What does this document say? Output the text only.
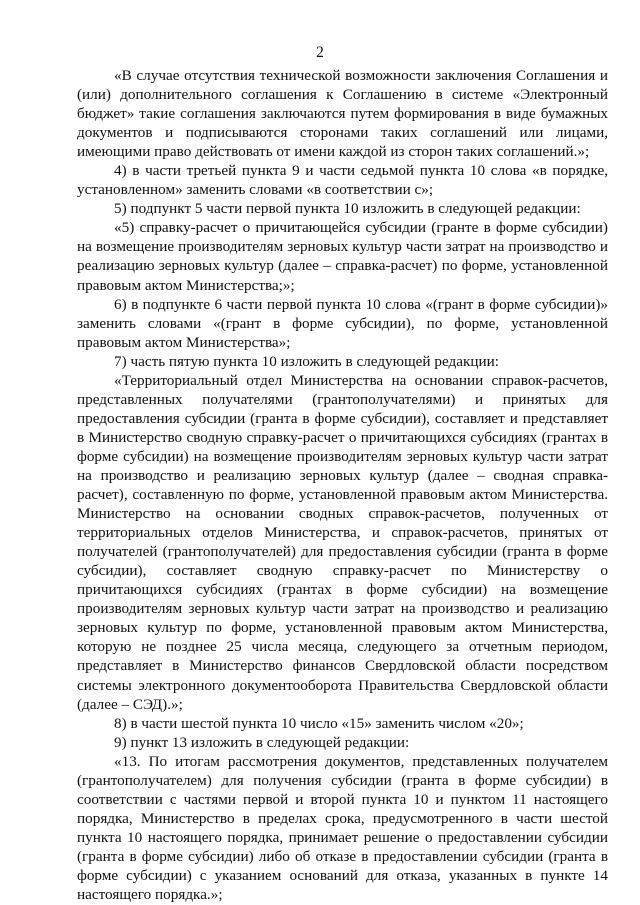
2

«В случае отсутствия технической возможности заключения Соглашения и (или) дополнительного соглашения к Соглашению в системе «Электронный бюджет» такие соглашения заключаются путем формирования в виде бумажных документов и подписываются сторонами таких соглашений или лицами, имеющими право действовать от имени каждой из сторон таких соглашений.»;

4) в части третьей пункта 9 и части седьмой пункта 10 слова «в порядке, установленном» заменить словами «в соответствии с»;

5) подпункт 5 части первой пункта 10 изложить в следующей редакции:

«5) справку-расчет о причитающейся субсидии (гранте в форме субсидии) на возмещение производителям зерновых культур части затрат на производство и реализацию зерновых культур (далее – справка-расчет) по форме, установленной правовым актом Министерства;»;

6) в подпункте 6 части первой пункта 10 слова «(грант в форме субсидии)» заменить словами «(грант в форме субсидии), по форме, установленной правовым актом Министерства»;

7) часть пятую пункта 10 изложить в следующей редакции:

«Территориальный отдел Министерства на основании справок-расчетов, представленных получателями (грантополучателями) и принятых для предоставления субсидии (гранта в форме субсидии), составляет и представляет в Министерство сводную справку-расчет о причитающихся субсидиях (грантах в форме субсидии) на возмещение производителям зерновых культур части затрат на производство и реализацию зерновых культур (далее – сводная справка-расчет), составленную по форме, установленной правовым актом Министерства. Министерство на основании сводных справок-расчетов, полученных от территориальных отделов Министерства, и справок-расчетов, принятых от получателей (грантополучателей) для предоставления субсидии (гранта в форме субсидии), составляет сводную справку-расчет по Министерству о причитающихся субсидиях (грантах в форме субсидии) на возмещение производителям зерновых культур части затрат на производство и реализацию зерновых культур по форме, установленной правовым актом Министерства, которую не позднее 25 числа месяца, следующего за отчетным периодом, представляет в Министерство финансов Свердловской области посредством системы электронного документооборота Правительства Свердловской области (далее – СЭД).»;

8) в части шестой пункта 10 число «15» заменить числом «20»;

9) пункт 13 изложить в следующей редакции:

«13. По итогам рассмотрения документов, представленных получателем (грантополучателем) для получения субсидии (гранта в форме субсидии) в соответствии с частями первой и второй пункта 10 и пунктом 11 настоящего порядка, Министерство в пределах срока, предусмотренного в части шестой пункта 10 настоящего порядка, принимает решение о предоставлении субсидии (гранта в форме субсидии) либо об отказе в предоставлении субсидии (гранта в форме субсидии) с указанием оснований для отказа, указанных в пункте 14 настоящего порядка.»;
